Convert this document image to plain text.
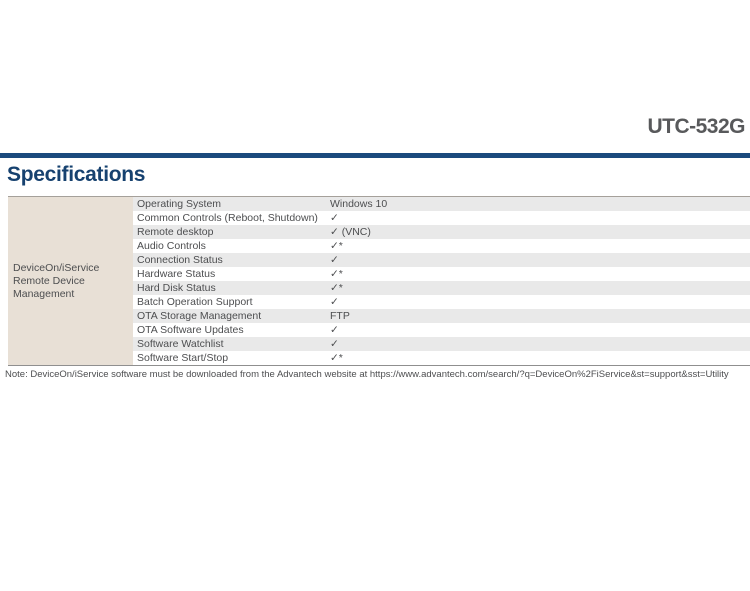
UTC-532G
Specifications
DeviceOn/iService
Remote Device Management
Operating System	Windows 10
Common Controls (Reboot, Shutdown)	✓
Remote desktop	✓ (VNC)
Audio Controls	✓*
Connection Status	✓
Hardware Status	✓*
Hard Disk Status	✓*
Batch Operation Support	✓
OTA Storage Management	FTP
OTA Software Updates	✓
Software Watchlist	✓
Software Start/Stop	✓*
Note: DeviceOn/iService software must be downloaded from the Advantech website at https://www.advantech.com/search/?q=DeviceOn%2FiService&st=support&sst=Utility
